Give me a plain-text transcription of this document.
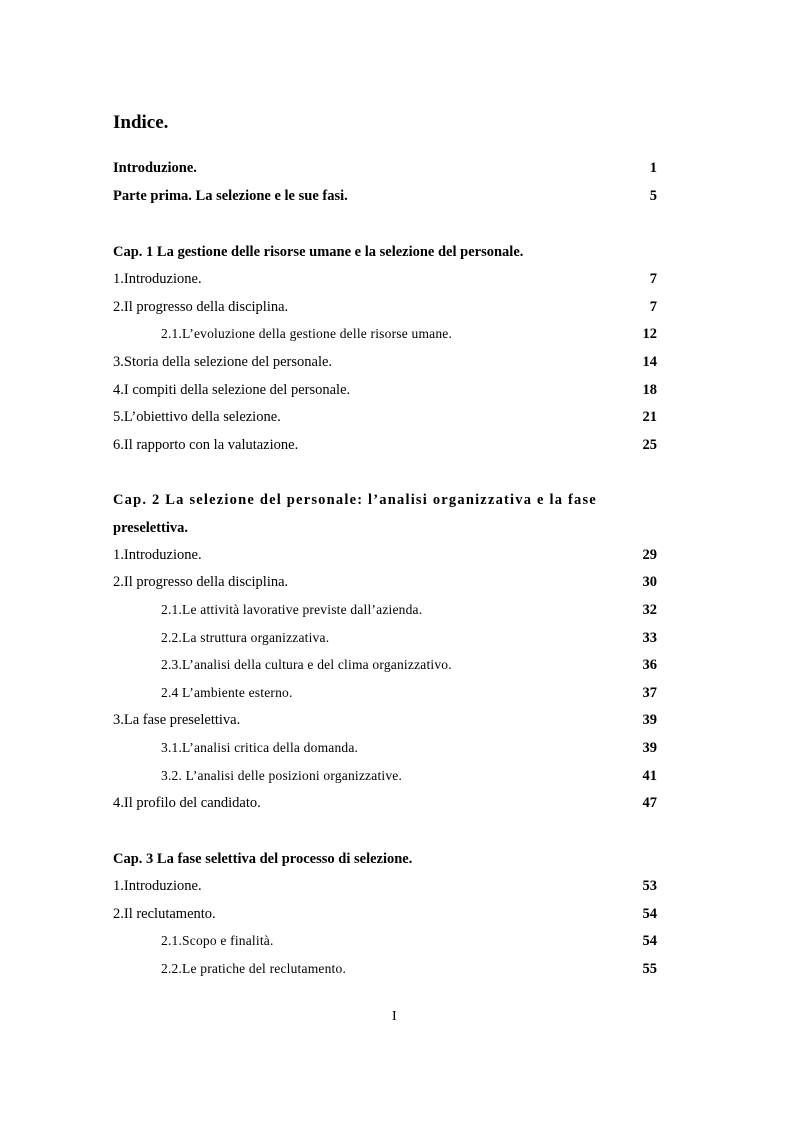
Indice.
Introduzione.	1
Parte prima. La selezione e le sue fasi.	5
Cap. 1 La gestione delle risorse umane e la selezione del personale.
1.Introduzione.	7
2.Il progresso della disciplina.	7
2.1.L’evoluzione della gestione delle risorse umane.	12
3.Storia della selezione del personale.	14
4.I compiti della selezione del personale.	18
5.L’obiettivo della selezione.	21
6.Il rapporto con la valutazione.	25
Cap. 2 La selezione del personale: l’analisi organizzativa e la fase
preselettiva.
1.Introduzione.	29
2.Il progresso della disciplina.	30
2.1.Le attività lavorative previste dall’azienda.	32
2.2.La struttura organizzativa.	33
2.3.L’analisi della cultura e del clima organizzativo.	36
2.4 L’ambiente esterno.	37
3.La fase preselettiva.	39
3.1.L’analisi critica della domanda.	39
3.2. L’analisi delle posizioni organizzative.	41
4.Il profilo del candidato.	47
Cap. 3 La fase selettiva del processo di selezione.
1.Introduzione.	53
2.Il reclutamento.	54
2.1.Scopo e finalità.	54
2.2.Le pratiche del reclutamento.	55
I
